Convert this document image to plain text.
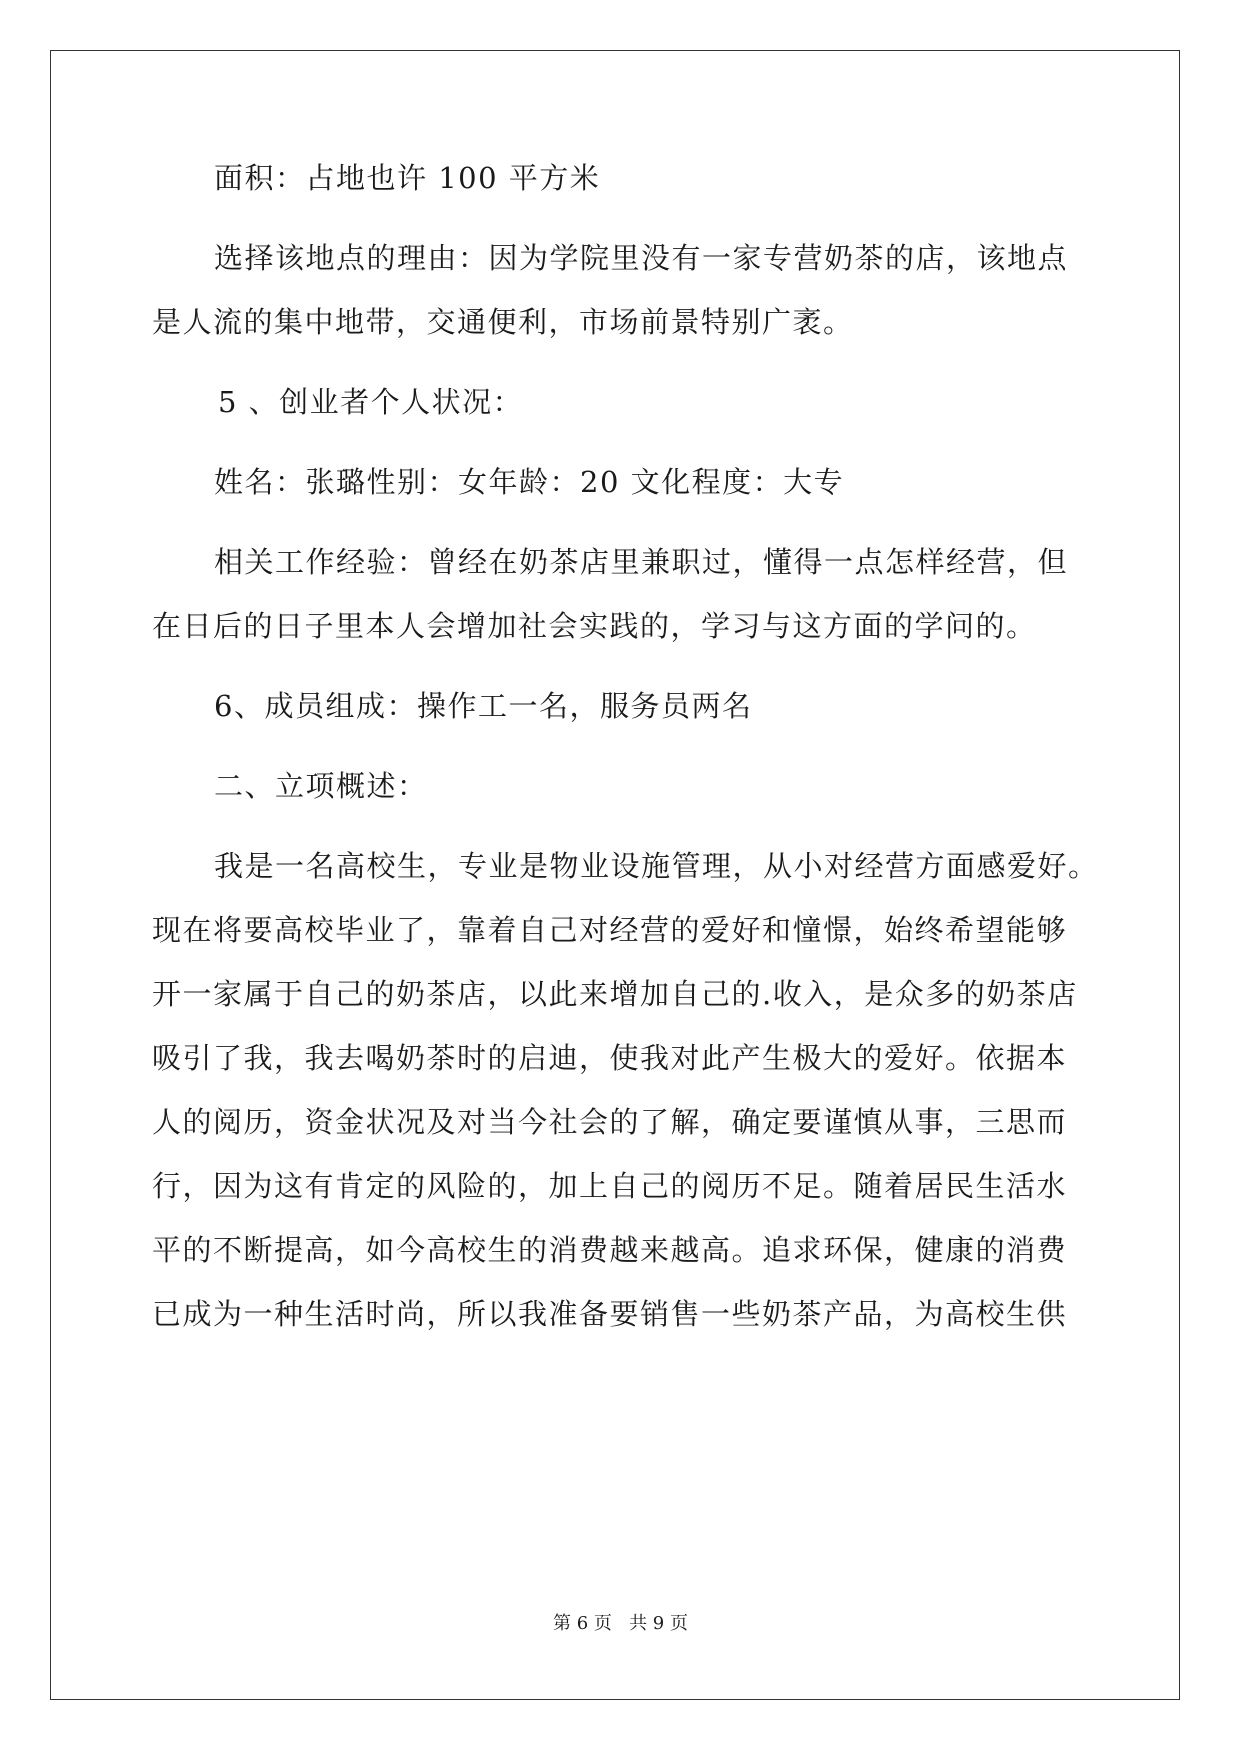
面积：占地也许 100 平方米
选择该地点的理由：因为学院里没有一家专营奶茶的店，该地点
是人流的集中地带，交通便利，市场前景特别广袤。
5 、创业者个人状况：
姓名：张璐性别：女年龄：20 文化程度：大专
相关工作经验：曾经在奶茶店里兼职过，懂得一点怎样经营，但
在日后的日子里本人会增加社会实践的，学习与这方面的学问的。
6、成员组成：操作工一名，服务员两名
二、立项概述：
我是一名高校生，专业是物业设施管理，从小对经营方面感爱好。
现在将要高校毕业了，靠着自己对经营的爱好和憧憬，始终希望能够
开一家属于自己的奶茶店，以此来增加自己的.收入，是众多的奶茶店
吸引了我，我去喝奶茶时的启迪，使我对此产生极大的爱好。依据本
人的阅历，资金状况及对当今社会的了解，确定要谨慎从事，三思而
行，因为这有肯定的风险的，加上自己的阅历不足。随着居民生活水
平的不断提高，如今高校生的消费越来越高。追求环保，健康的消费
已成为一种生活时尚，所以我准备要销售一些奶茶产品，为高校生供
第 6 页   共 9 页
